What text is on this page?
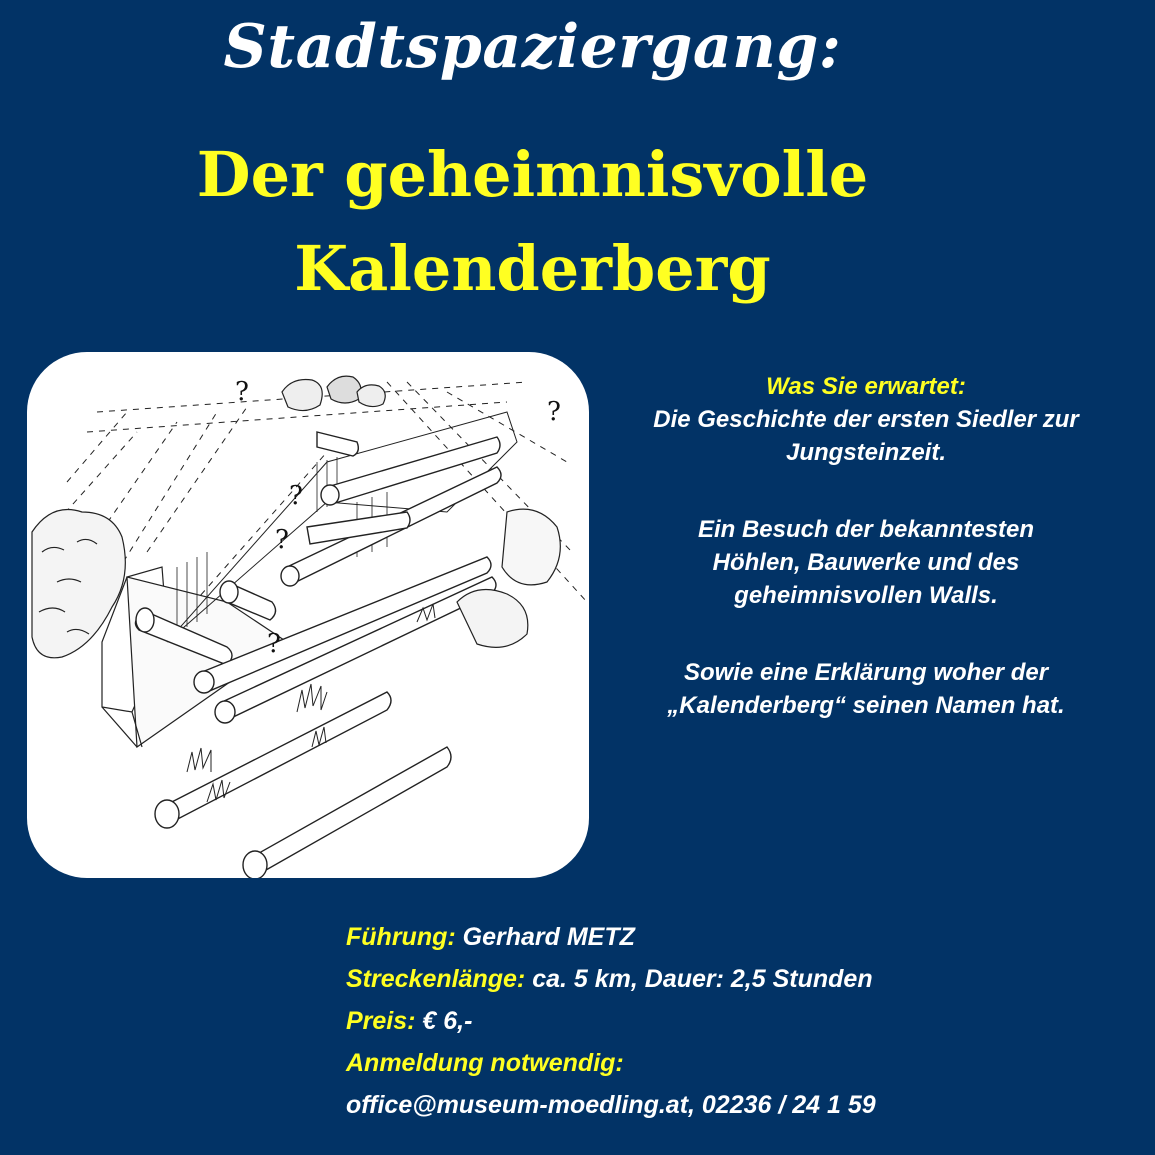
Stadtspaziergang:
Der geheimnisvolle
Kalenderberg
?
?
?
?
?
Was Sie erwartet:
Die Geschichte der ersten Siedler zur Jungsteinzeit.
Ein Besuch der bekanntesten Höhlen, Bauwerke und des geheimnisvollen Walls.
Sowie eine Erklärung woher der „Kalenderberg“ seinen Namen hat.
Führung: Gerhard METZ
Streckenlänge: ca. 5 km, Dauer: 2,5 Stunden
Preis: € 6,-
Anmeldung notwendig:
office@museum-moedling.at, 02236 / 24 1 59
